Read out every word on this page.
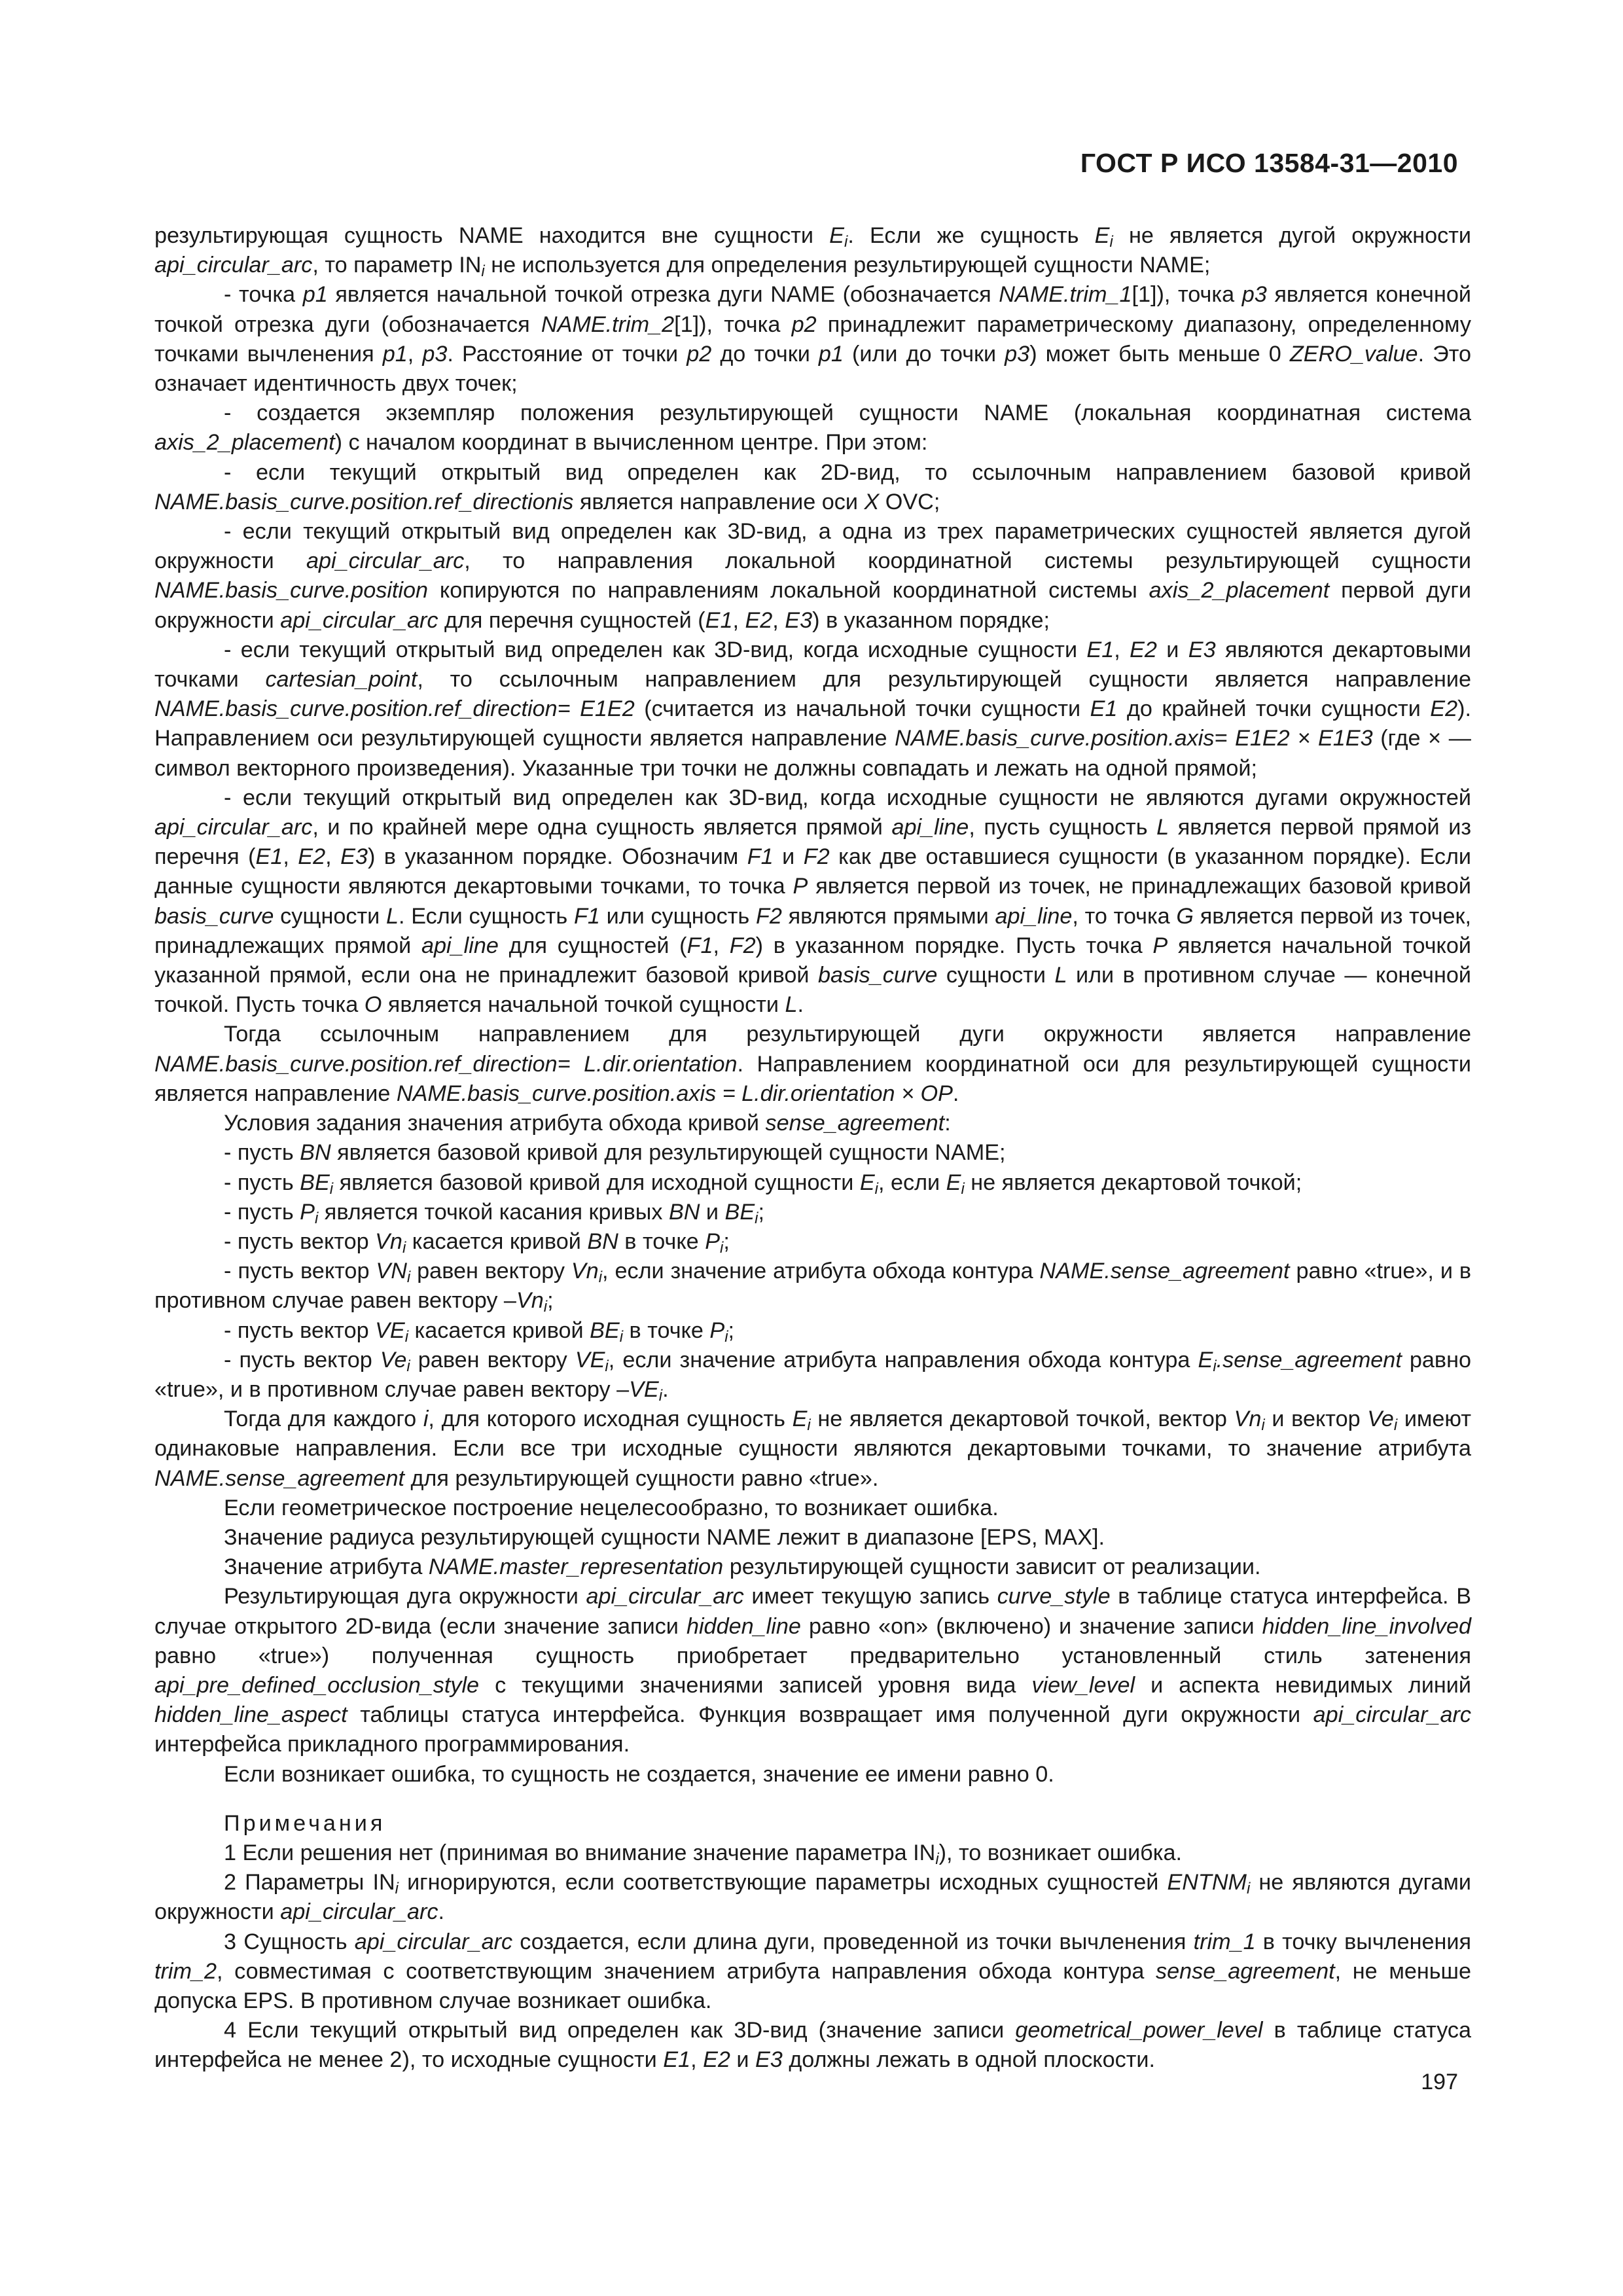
ГОСТ Р ИСО 13584-31—2010

результирующая сущность NAME находится вне сущности $E_i$. Если же сущность $E_i$ не является дугой окружности api_circular_arc, то параметр $IN_i$ не используется для определения результирующей сущности NAME;

- точка p1 является начальной точкой отрезка дуги NAME (обозначается NAME.trim_1[1]), точка p3 является конечной точкой отрезка дуги (обозначается NAME.trim_2[1]), точка p2 принадлежит параметрическому диапазону, определенному точками вычленения p1, p3. Расстояние от точки p2 до точки p1 (или до точки p3) может быть меньше 0 ZERO_value. Это означает идентичность двух точек;

- создается экземпляр положения результирующей сущности NAME (локальная координатная система axis_2_placement) с началом координат в вычисленном центре. При этом:

- если текущий открытый вид определен как 2D-вид, то ссылочным направлением базовой кривой NAME.basis_curve.position.ref_directionis является направление оси X OVC;

- если текущий открытый вид определен как 3D-вид, а одна из трех параметрических сущностей является дугой окружности api_circular_arc, то направления локальной координатной системы результирующей сущности NAME.basis_curve.position копируются по направлениям локальной координатной системы axis_2_placement первой дуги окружности api_circular_arc для перечня сущностей (E1, E2, E3) в указанном порядке;

- если текущий открытый вид определен как 3D-вид, когда исходные сущности E1, E2 и E3 являются декартовыми точками cartesian_point, то ссылочным направлением для результирующей сущности является направление NAME.basis_curve.position.ref_direction= E1E2 (считается из начальной точки сущности E1 до крайней точки сущности E2). Направлением оси результирующей сущности является направление NAME.basis_curve.position.axis= E1E2 × E1E3 (где × — символ векторного произведения). Указанные три точки не должны совпадать и лежать на одной прямой;

- если текущий открытый вид определен как 3D-вид, когда исходные сущности не являются дугами окружностей api_circular_arc, и по крайней мере одна сущность является прямой api_line, пусть сущность L является первой прямой из перечня (E1, E2, E3) в указанном порядке. Обозначим F1 и F2 как две оставшиеся сущности (в указанном порядке). Если данные сущности являются декартовыми точками, то точка P является первой из точек, не принадлежащих базовой кривой basis_curve сущности L. Если сущность F1 или сущность F2 являются прямыми api_line, то точка G является первой из точек, принадлежащих прямой api_line для сущностей (F1, F2) в указанном порядке. Пусть точка P является начальной точкой указанной прямой, если она не принадлежит базовой кривой basis_curve сущности L или в противном случае — конечной точкой. Пусть точка O является начальной точкой сущности L.

Тогда ссылочным направлением для результирующей дуги окружности является направление NAME.basis_curve.position.ref_direction= L.dir.orientation. Направлением координатной оси для результирующей сущности является направление NAME.basis_curve.position.axis = L.dir.orientation × OP.

Условия задания значения атрибута обхода кривой sense_agreement:

- пусть BN является базовой кривой для результирующей сущности NAME;

- пусть $BE_i$ является базовой кривой для исходной сущности $E_i$, если $E_i$ не является декартовой точкой;

- пусть $P_i$ является точкой касания кривых BN и $BE_i$;

- пусть вектор $Vn_i$ касается кривой BN в точке $P_i$;

- пусть вектор $VN_i$ равен вектору $Vn_i$, если значение атрибута обхода контура NAME.sense_agreement равно «true», и в противном случае равен вектору $-Vn_i$;

- пусть вектор $VE_i$ касается кривой $BE_i$ в точке $P_i$;

- пусть вектор $Ve_i$ равен вектору $VE_i$, если значение атрибута направления обхода контура $E_i.sense\_agreement$ равно «true», и в противном случае равен вектору $-VE_i$.

Тогда для каждого i, для которого исходная сущность $E_i$ не является декартовой точкой, вектор $Vn_i$ и вектор $Ve_i$ имеют одинаковые направления. Если все три исходные сущности являются декартовыми точками, то значение атрибута NAME.sense_agreement для результирующей сущности равно «true».

Если геометрическое построение нецелесообразно, то возникает ошибка.

Значение радиуса результирующей сущности NAME лежит в диапазоне [EPS, MAX].

Значение атрибута NAME.master_representation результирующей сущности зависит от реализации.

Результирующая дуга окружности api_circular_arc имеет текущую запись curve_style в таблице статуса интерфейса. В случае открытого 2D-вида (если значение записи hidden_line равно «on» (включено) и значение записи hidden_line_involved равно «true») полученная сущность приобретает предварительно установленный стиль затенения api_pre_defined_occlusion_style с текущими значениями записей уровня вида view_level и аспекта невидимых линий hidden_line_aspect таблицы статуса интерфейса. Функция возвращает имя полученной дуги окружности api_circular_arc интерфейса прикладного программирования.

Если возникает ошибка, то сущность не создается, значение ее имени равно 0.

Примечания

1 Если решения нет (принимая во внимание значение параметра $IN_i$), то возникает ошибка.

2 Параметры $IN_i$ игнорируются, если соответствующие параметры исходных сущностей $ENTNM_i$ не являются дугами окружности api_circular_arc.

3 Сущность api_circular_arc создается, если длина дуги, проведенной из точки вычленения trim_1 в точку вычленения trim_2, совместимая с соответствующим значением атрибута направления обхода контура sense_agreement, не меньше допуска EPS. В противном случае возникает ошибка.

4 Если текущий открытый вид определен как 3D-вид (значение записи geometrical_power_level в таблице статуса интерфейса не менее 2), то исходные сущности E1, E2 и E3 должны лежать в одной плоскости.

197
